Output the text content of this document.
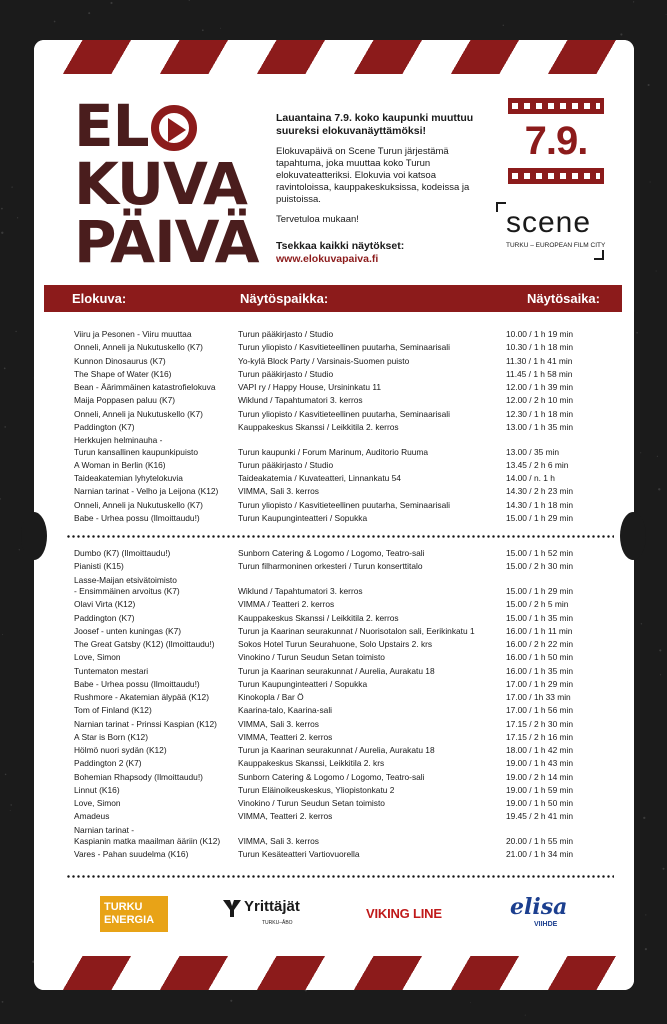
EL
KUVA
PÄIVÄ

Lauantaina 7.9. koko kaupunki muuttuu suureksi elokuvanäyttämöksi!

Elokuvapäivä on Scene Turun järjestämä tapahtuma, joka muuttaa koko Turun elokuvateatteriksi. Elokuvia voi katsoa ravintoloissa, kauppakeskuksissa, kodeissa ja puistoissa.

Tervetuloa mukaan!

Tsekkaa kaikki näytökset:

www.elokuvapaiva.fi
7.9.
scene
TURKU – EUROPEAN FILM CITY
Elokuva:	Näytöspaikka:	Näytösaika:
Viiru ja Pesonen - Viiru muuttaa	Turun pääkirjasto / Studio	10.00 / 1 h 19 min
Onneli, Anneli ja Nukutuskello (K7)	Turun yliopisto / Kasvitieteellinen puutarha, Seminaarisali	10.30 / 1 h 18 min
Kunnon Dinosaurus (K7)	Yo-kylä Block Party / Varsinais-Suomen puisto	11.30 / 1 h 41 min
The Shape of Water (K16)	Turun pääkirjasto / Studio	11.45 / 1 h 58 min
Bean - Äärimmäinen katastrofielokuva	VAPI ry / Happy House, Ursininkatu 11	12.00 / 1 h 39 min
Maija Poppasen paluu (K7)	Wiklund / Tapahtumatori 3. kerros	12.00 / 2 h 10 min
Onneli, Anneli ja Nukutuskello (K7)	Turun yliopisto / Kasvitieteellinen puutarha, Seminaarisali	12.30 / 1 h 18 min
Paddington (K7)	Kauppakeskus Skanssi / Leikkitila 2. kerros	13.00 / 1 h 35 min
Herkkujen helminauha -
Turun kansallinen kaupunkipuisto	Turun kaupunki / Forum Marinum, Auditorio Ruuma	13.00 / 35 min
A Woman in Berlin (K16)	Turun pääkirjasto / Studio	13.45 / 2 h 6 min
Taideakatemian lyhytelokuvia	Taideakatemia / Kuvateatteri, Linnankatu 54	14.00 / n. 1 h
Narnian tarinat - Velho ja Leijona (K12)	VIMMA, Sali 3. kerros	14.30 / 2 h 23 min
Onneli, Anneli ja Nukutuskello (K7)	Turun yliopisto / Kasvitieteellinen puutarha, Seminaarisali	14.30 / 1 h 18 min
Babe - Urhea possu (Ilmoittaudu!)	Turun Kaupunginteatteri / Sopukka	15.00 / 1 h 29 min
Dumbo (K7) (Ilmoittaudu!)	Sunborn Catering & Logomo / Logomo, Teatro-sali	15.00 / 1 h 52 min
Pianisti (K15)	Turun filharmoninen orkesteri / Turun konserttitalo	15.00 / 2 h 30 min
Lasse-Maijan etsivätoimisto
- Ensimmäinen arvoitus (K7)	Wiklund / Tapahtumatori 3. kerros	15.00 / 1 h 29 min
Olavi Virta (K12)	VIMMA / Teatteri 2. kerros	15.00 / 2 h 5 min
Paddington (K7)	Kauppakeskus Skanssi / Leikkitila 2. kerros	15.00 / 1 h 35 min
Joosef - unten kuningas (K7)	Turun ja Kaarinan seurakunnat / Nuorisotalon sali, Eerikinkatu 1	16.00 / 1 h 11 min
The Great Gatsby (K12) (Ilmoittaudu!)	Sokos Hotel Turun Seurahuone, Solo Upstairs 2. krs	16.00 / 2 h 22 min
Love, Simon	Vinokino / Turun Seudun Setan toimisto	16.00 / 1 h 50 min
Tuntematon mestari	Turun ja Kaarinan seurakunnat / Aurelia, Aurakatu 18	16.00 / 1 h 35 min
Babe - Urhea possu (Ilmoittaudu!)	Turun Kaupunginteatteri / Sopukka	17.00 / 1 h 29 min
Rushmore - Akatemian älypää (K12)	Kinokopla / Bar Ö	17.00 / 1h 33 min
Tom of Finland (K12)	Kaarina-talo, Kaarina-sali	17.00 / 1 h 56 min
Narnian tarinat - Prinssi Kaspian (K12)	VIMMA, Sali 3. kerros	17.15 / 2 h 30 min
A Star is Born (K12)	VIMMA, Teatteri 2. kerros	17.15 / 2 h 16 min
Hölmö nuori sydän (K12)	Turun ja Kaarinan seurakunnat / Aurelia, Aurakatu 18	18.00 / 1 h 42 min
Paddington 2 (K7)	Kauppakeskus Skanssi, Leikkitila 2. krs	19.00 / 1 h 43 min
Bohemian Rhapsody (Ilmoittaudu!)	Sunborn Catering & Logomo / Logomo, Teatro-sali	19.00 / 2 h 14 min
Linnut (K16)	Turun Eläinoikeuskeskus, Yliopistonkatu 2	19.00 / 1 h 59 min
Love, Simon	Vinokino / Turun Seudun Setan toimisto	19.00 / 1 h 50 min
Amadeus	VIMMA, Teatteri 2. kerros	19.45 / 2 h 41 min
Narnian tarinat -
Kaspianin matka maailman ääriin (K12)	VIMMA, Sali 3. kerros	20.00 / 1 h 55 min
Vares - Pahan suudelma (K16)	Turun Kesäteatteri Vartiovuorella	21.00 / 1 h 34 min
TURKU ENERGIA
Yrittäjät
TURKU–ÅBO
VIKING LINE	elisa
VIIHDE
